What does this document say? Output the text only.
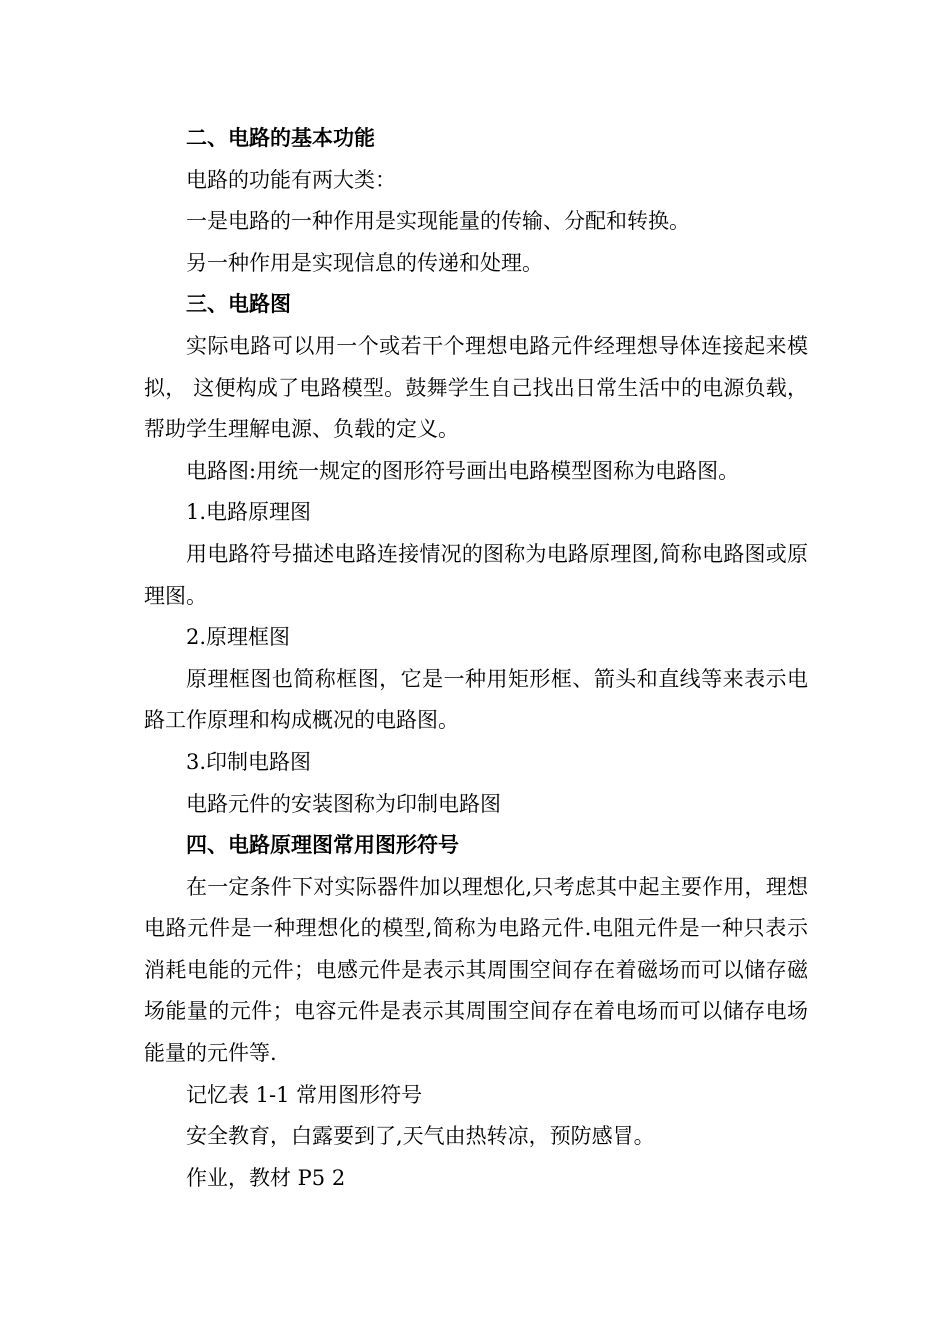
二、电路的基本功能

电路的功能有两大类：

一是电路的一种作用是实现能量的传输、分配和转换。

另一种作用是实现信息的传递和处理。

三、电路图

实际电路可以用一个或若干个理想电路元件经理想导体连接起来模拟， 这便构成了电路模型。鼓舞学生自己找出日常生活中的电源负载，帮助学生理解电源、负载的定义。

电路图:用统一规定的图形符号画出电路模型图称为电路图。

1.电路原理图

用电路符号描述电路连接情况的图称为电路原理图,简称电路图或原理图。

2.原理框图

原理框图也简称框图，它是一种用矩形框、箭头和直线等来表示电路工作原理和构成概况的电路图。

3.印制电路图

电路元件的安装图称为印制电路图

四、电路原理图常用图形符号

在一定条件下对实际器件加以理想化,只考虑其中起主要作用，理想电路元件是一种理想化的模型,简称为电路元件.电阻元件是一种只表示消耗电能的元件；电感元件是表示其周围空间存在着磁场而可以储存磁场能量的元件；电容元件是表示其周围空间存在着电场而可以储存电场能量的元件等.

记忆表 1-1 常用图形符号

安全教育，白露要到了,天气由热转凉，预防感冒。

作业，教材 P5 2
